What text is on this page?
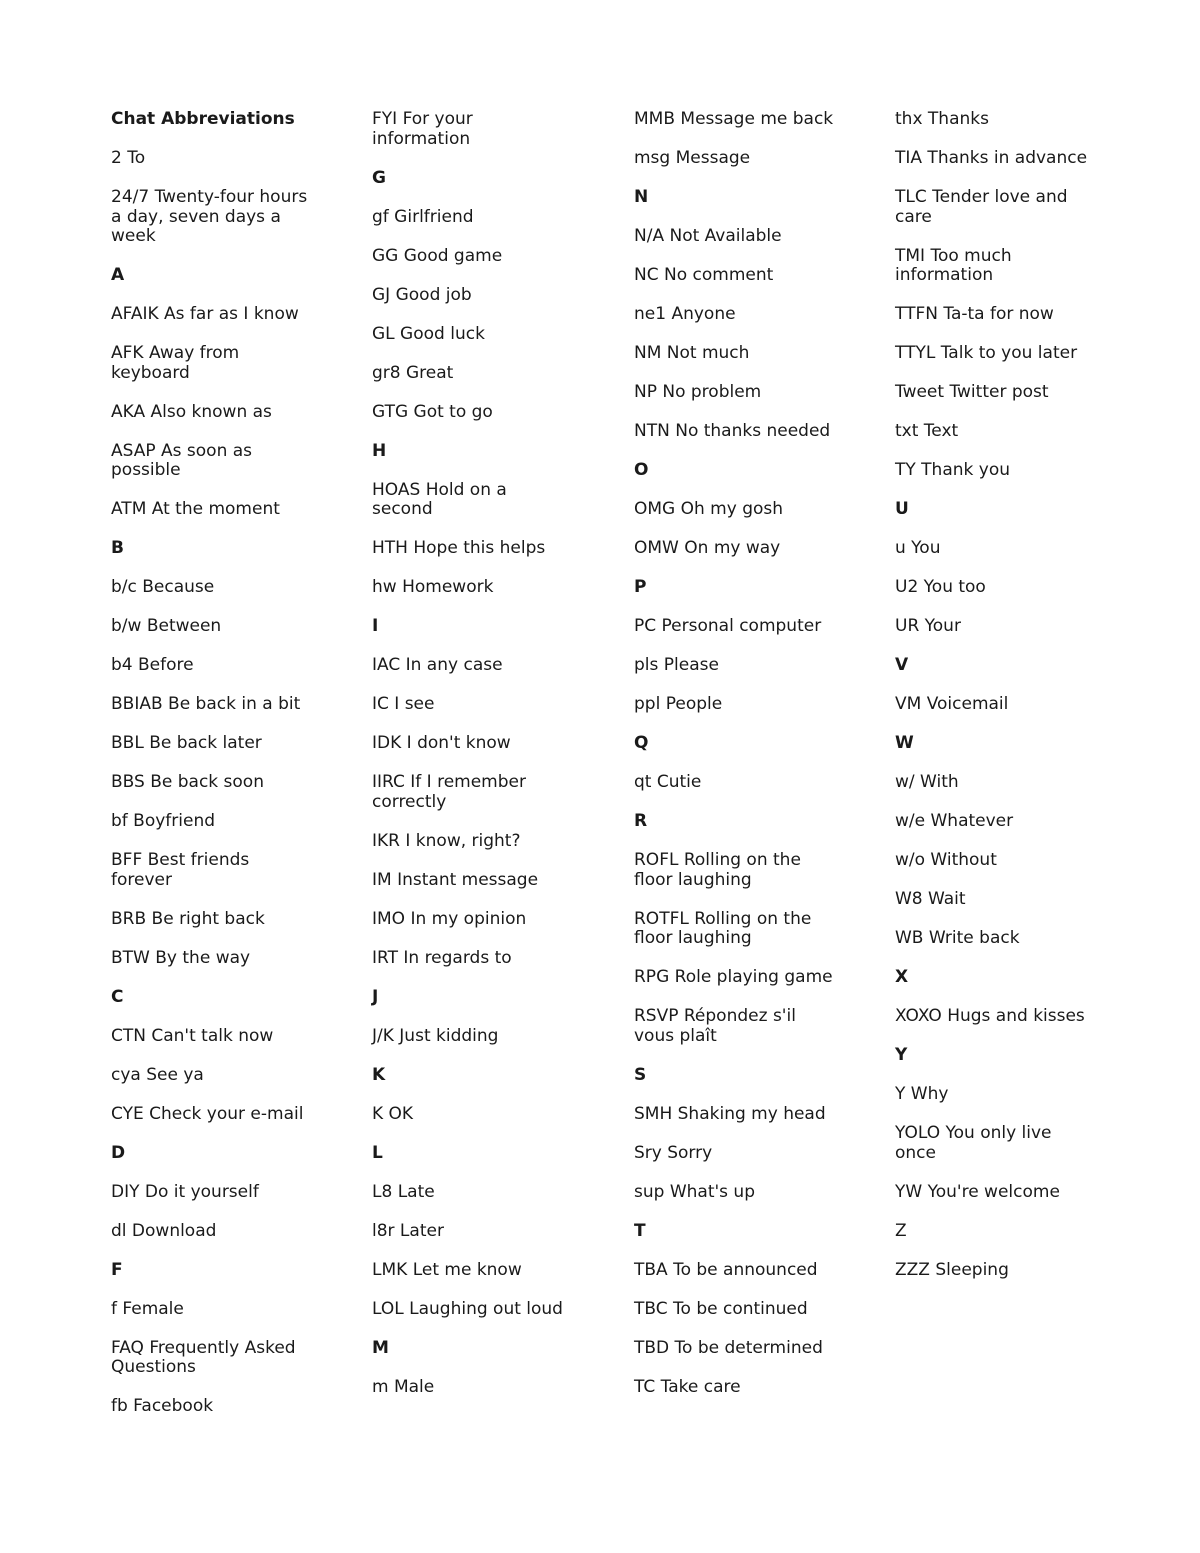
Chat Abbreviations
2 To
24/7 Twenty-four hours a day, seven days a week
A
AFAIK As far as I know
AFK Away from keyboard
AKA Also known as
ASAP As soon as possible
ATM At the moment
B
b/c Because
b/w Between
b4 Before
BBIAB Be back in a bit
BBL Be back later
BBS Be back soon
bf Boyfriend
BFF Best friends forever
BRB Be right back
BTW By the way
C
CTN Can't talk now
cya See ya
CYE Check your e-mail
D
DIY Do it yourself
dl Download
F
f Female
FAQ Frequently Asked Questions
fb Facebook
FYI For your information
G
gf Girlfriend
GG Good game
GJ Good job
GL Good luck
gr8 Great
GTG Got to go
H
HOAS Hold on a second
HTH Hope this helps
hw Homework
I
IAC In any case
IC I see
IDK I don't know
IIRC If I remember correctly
IKR I know, right?
IM Instant message
IMO In my opinion
IRT In regards to
J
J/K Just kidding
K
K OK
L
L8 Late
l8r Later
LMK Let me know
LOL Laughing out loud
M
m Male
MMB Message me back
msg Message
N
N/A Not Available
NC No comment
ne1 Anyone
NM Not much
NP No problem
NTN No thanks needed
O
OMG Oh my gosh
OMW On my way
P
PC Personal computer
pls Please
ppl People
Q
qt Cutie
R
ROFL Rolling on the floor laughing
ROTFL Rolling on the floor laughing
RPG Role playing game
RSVP Répondez s'il vous plaît
S
SMH Shaking my head
Sry Sorry
sup What's up
T
TBA To be announced
TBC To be continued
TBD To be determined
TC Take care
thx Thanks
TIA Thanks in advance
TLC Tender love and care
TMI Too much information
TTFN Ta-ta for now
TTYL Talk to you later
Tweet Twitter post
txt Text
TY Thank you
U
u You
U2 You too
UR Your
V
VM Voicemail
W
w/ With
w/e Whatever
w/o Without
W8 Wait
WB Write back
X
XOXO Hugs and kisses
Y
Y Why
YOLO You only live once
YW You're welcome
Z
ZZZ Sleeping
